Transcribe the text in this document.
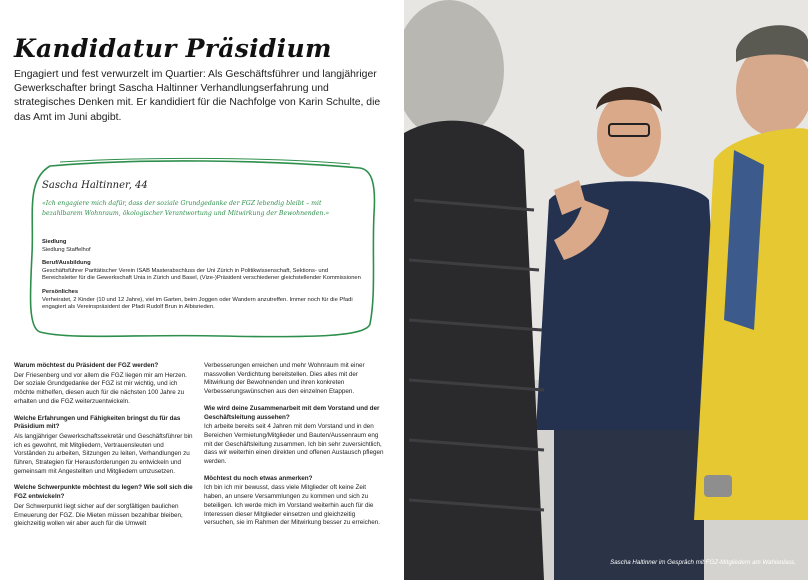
Kandidatur Präsidium
Engagiert und fest verwurzelt im Quartier: Als Geschäftsführer und langjähriger Gewerkschafter bringt Sascha Haltinner Verhandlungserfahrung und strategisches Denken mit. Er kandidiert für die Nachfolge von Karin Schulte, die das Amt im Juni abgibt.
Sascha Haltinner, 44
«Ich engagiere mich dafür, dass der soziale Grundgedanke der FGZ lebendig bleibt – mit bezahlbarem Wohnraum, ökologischer Verantwortung und Mitwirkung der Bewohnenden.»
Siedlung
Siedlung Staffelhof
Beruf/Ausbildung
Geschäftsführer Paritätischer Verein ISAB Masterabschluss der Uni Zürich in Politikwissenschaft, Sektions- und Bereichsleiter für die Gewerkschaft Unia in Zürich und Basel, (Vize-)Präsident verschiedener gleichstellender Kommissionen
Persönliches
Verheiratet, 2 Kinder (10 und 12 Jahre), viel im Garten, beim Joggen oder Wandern anzutreffen. Immer noch für die Pfadi engagiert als Vereinspräsident der Pfadi Rudolf Brun in Albisrieden.
Warum möchtest du Präsident der FGZ werden?
Der Friesenberg und vor allem die FGZ liegen mir am Herzen. Der soziale Grundgedanke der FGZ ist mir wichtig, und ich möchte mithelfen, diesen auch für die nächsten 100 Jahre zu erhalten und die FGZ weiterzuentwickeln.
Welche Erfahrungen und Fähigkeiten bringst du für das Präsidium mit?
Als langjähriger Gewerkschaftssekretär und Geschäftsführer bin ich es gewohnt, mit Mitgliedern, Vertrauensleuten und Vorständen zu arbeiten, Sitzungen zu leiten, Verhandlungen zu führen, Strategien für Herausforderungen zu entwickeln und gemeinsam mit Angestellten und Mitgliedern umzusetzen.
Welche Schwerpunkte möchtest du legen? Wie soll sich die FGZ entwickeln?
Der Schwerpunkt liegt sicher auf der sorgfältigen baulichen Erneuerung der FGZ. Die Mieten müssen bezahlbar bleiben, gleichzeitig wollen wir aber auch für die Umwelt
Verbesserungen erreichen und mehr Wohnraum mit einer massvollen Verdichtung bereitstellen. Dies alles mit der Mitwirkung der Bewohnenden und ihren konkreten Verbesserungswünschen aus den einzelnen Etappen.
Wie wird deine Zusammenarbeit mit dem Vorstand und der Geschäftsleitung aussehen?
Ich arbeite bereits seit 4 Jahren mit dem Vorstand und in den Bereichen Vermietung/Mitglieder und Bauten/Aussenraum eng mit der Geschäftsleitung zusammen. Ich bin sehr zuversichtlich, dass wir weiterhin einen direkten und offenen Austausch pflegen werden.
Möchtest du noch etwas anmerken?
Ich bin ich mir bewusst, dass viele Mitglieder oft keine Zeit haben, an unsere Versammlungen zu kommen und sich zu beteiligen. Ich werde mich im Vorstand weiterhin auch für die Interessen dieser Mitglieder einsetzen und gleichzeitig versuchen, sie im Rahmen der Mitwirkung besser zu erreichen.
Sascha Haltinner im Gespräch mit FGZ-Mitgliedern am Wahlanlass.
